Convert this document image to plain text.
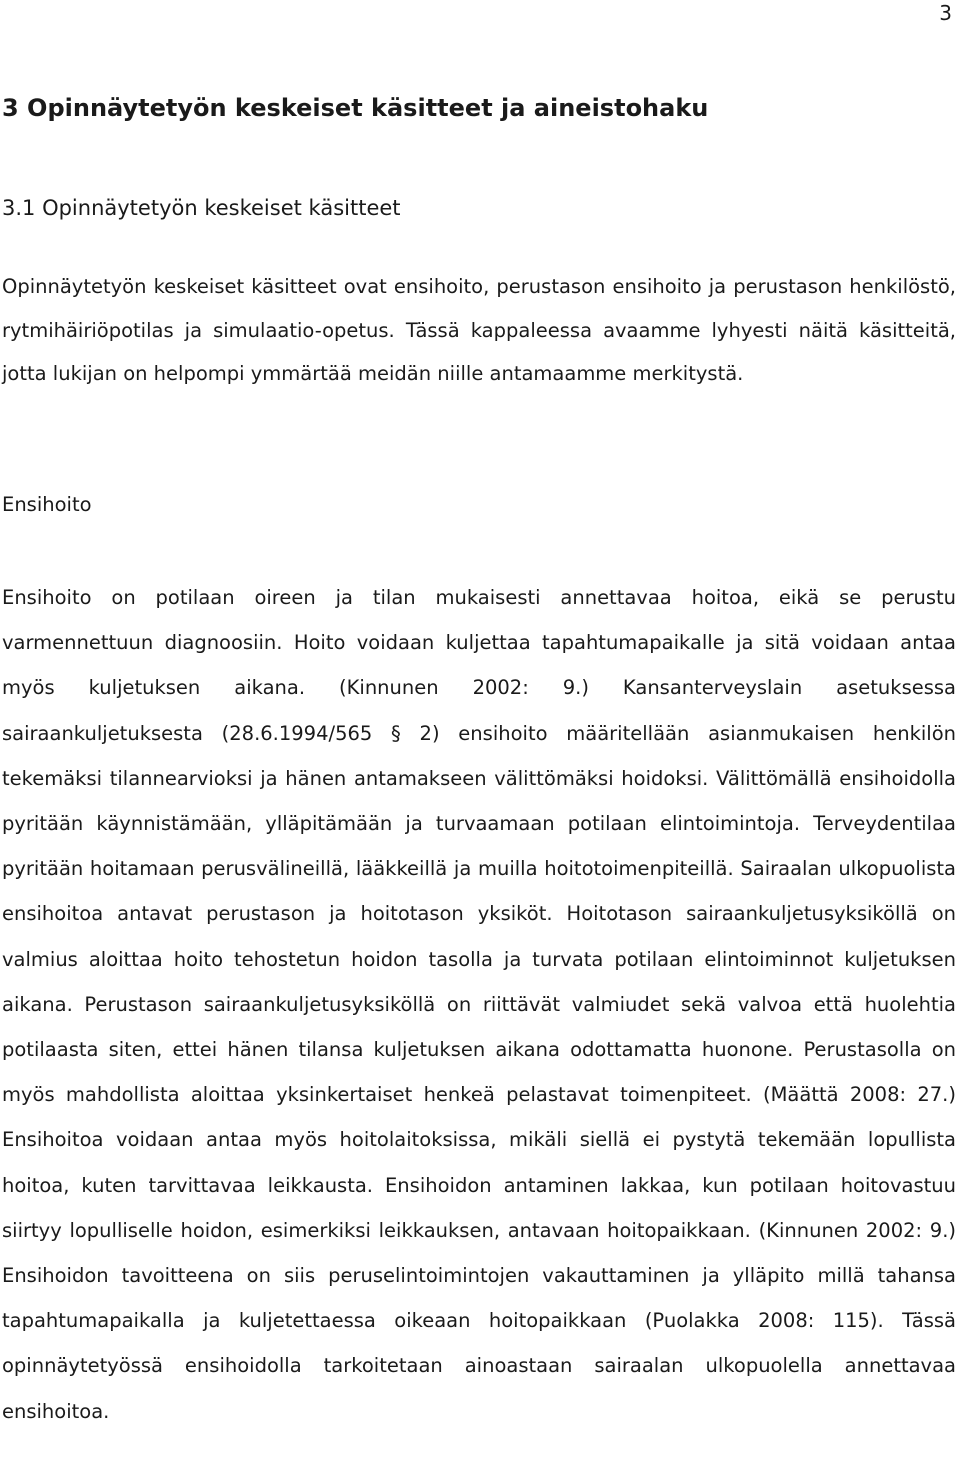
3

3 Opinnäytetyön keskeiset käsitteet ja aineistohaku
3.1 Opinnäytetyön keskeiset käsitteet

Opinnäytetyön keskeiset käsitteet ovat ensihoito, perustason ensihoito ja perustason henkilöstö, rytmihäiriöpotilas ja simulaatio-opetus. Tässä kappaleessa avaamme lyhyesti näitä käsitteitä, jotta lukijan on helpompi ymmärtää meidän niille antamaamme merkitystä.

Ensihoito

Ensihoito on potilaan oireen ja tilan mukaisesti annettavaa hoitoa, eikä se perustu varmennettuun diagnoosiin. Hoito voidaan kuljettaa tapahtumapaikalle ja sitä voidaan antaa myös kuljetuksen aikana. (Kinnunen 2002: 9.) Kansanterveyslain asetuksessa sairaankuljetuksesta (28.6.1994/565 § 2) ensihoito määritellään asianmukaisen henkilön tekemäksi tilannearvioksi ja hänen antamakseen välittömäksi hoidoksi. Välittömällä ensihoidolla pyritään käynnistämään, ylläpitämään ja turvaamaan potilaan elintoimintoja. Terveydentilaa pyritään hoitamaan perusvälineillä, lääkkeillä ja muilla hoitotoimenpiteillä. Sairaalan ulkopuolista ensihoitoa antavat perustason ja hoitotason yksiköt. Hoitotason sairaankuljetusyksiköllä on valmius aloittaa hoito tehostetun hoidon tasolla ja turvata potilaan elintoiminnot kuljetuksen aikana. Perustason sairaankuljetusyksiköllä on riittävät valmiudet sekä valvoa että huolehtia potilaasta siten, ettei hänen tilansa kuljetuksen aikana odottamatta huonone. Perustasolla on myös mahdollista aloittaa yksinkertaiset henkeä pelastavat toimenpiteet. (Määttä 2008: 27.) Ensihoitoa voidaan antaa myös hoitolaitoksissa, mikäli siellä ei pystytä tekemään lopullista hoitoa, kuten tarvittavaa leikkausta. Ensihoidon antaminen lakkaa, kun potilaan hoitovastuu siirtyy lopulliselle hoidon, esimerkiksi leikkauksen, antavaan hoitopaikkaan. (Kinnunen 2002: 9.) Ensihoidon tavoitteena on siis peruselintoimintojen vakauttaminen ja ylläpito millä tahansa tapahtumapaikalla ja kuljetettaessa oikeaan hoitopaikkaan (Puolakka 2008: 115). Tässä opinnäytetyössä ensihoidolla tarkoitetaan ainoastaan sairaalan ulkopuolella annettavaa ensihoitoa.
